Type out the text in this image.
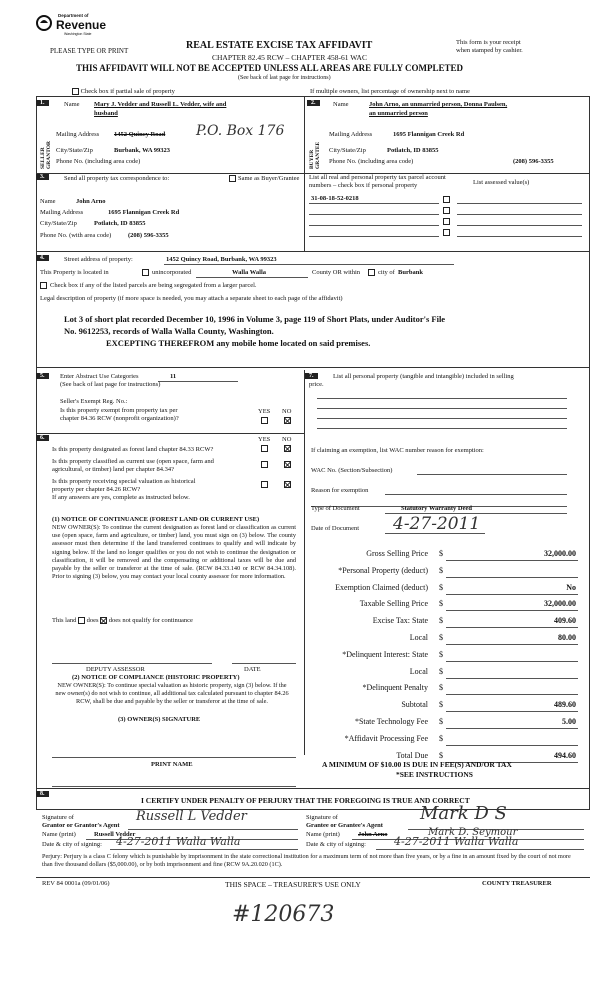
Department of
Revenue
Washington State
PLEASE TYPE OR PRINT	REAL ESTATE EXCISE TAX AFFIDAVIT
CHAPTER 82.45 RCW – CHAPTER 458-61 WAC
THIS AFFIDAVIT WILL NOT BE ACCEPTED UNLESS ALL AREAS ARE FULLY COMPLETED
(See back of last page for instructions)
This form is your receipt
when stamped by cashier.
Check box if partial sale of property	If multiple owners, list percentage of ownership next to name
1.
SELLER GRANTOR
Name Mary J. Vedder and Russell L. Vedder, wife and
husband
Mailing Address 1452 Quincy Road P.O. Box 176
City/State/Zip	Burbank, WA 99323
Phone No. (including area code)
2.
BUYER GRANTEE
Name	John Arno, an unmarried person, Donna Paulsen,
an unmarried person
Mailing Address	1695 Flannigan Creek Rd
City/State/Zip	Potlatch, ID 83855
Phone No. (including area code)	(208) 596-3355
3.	Send all property tax correspondence to:	Same as Buyer/Grantee
Name	John Arno
Mailing Address	1695 Flannigan Creek Rd
City/State/Zip	Potlatch, ID 83855
Phone No. (with area code)	(208) 596-3355
List all real and personal property tax parcel account
numbers – check box if personal property	List assessed value(s)
31-08-18-52-0218
4.	Street address of property:	1452 Quincy Road, Burbank, WA 99323
This Property is located in	unincorporated	Walla Walla	County OR within	city of Burbank
Check box if any of the listed parcels are being segregated from a larger parcel.
Legal description of property (if more space is needed, you may attach a separate sheet to each page of the affidavit)
Lot 3 of short plat recorded December 10, 1996 in Volume 3, page 119 of Short Plats, under Auditor's File
No. 9612253, records of Walla Walla County, Washington.
EXCEPTING THEREFROM any mobile home located on said premises.
5.	Enter Abstract Use Categories	11
(See back of last page for instructions)
Seller's Exempt Reg. No.:
Is this property exempt from property tax per
chapter 84.36 RCW (nonprofit organization)?
YES NO
6.	YES NO
Is this property designated as forest land chapter 84.33 RCW?
Is this property classified as current use (open space, farm and
agricultural, or timber) land per chapter 84.34?
Is this property receiving special valuation as historical
property per chapter 84.26 RCW?
If any answers are yes, complete as instructed below.
(1) NOTICE OF CONTINUANCE (FOREST LAND OR CURRENT USE)
NEW OWNER(S): To continue the current designation as forest land or classification as current use (open space, farm and agriculture, or timber) land, you must sign on (3) below. The county assessor must then determine if the land transferred continues to qualify and will indicate by signing below. If the land no longer qualifies or you do not wish to continue the designation or classification, it will be removed and the compensating or additional taxes will be due and payable by the seller or transferor at the time of sale. (RCW 84.33.140 or RCW 84.34.108). Prior to signing (3) below, you may contact your local county assessor for more information.
This land does does not qualify for continuance
DEPUTY ASSESSOR	DATE
(2) NOTICE OF COMPLIANCE (HISTORIC PROPERTY)
NEW OWNER(S): To continue special valuation as historic property, sign (3) below. If the new owner(s) do not wish to continue, all additional tax calculated pursuant to chapter 84.26 RCW, shall be due and payable by the seller or transferor at the time of sale.
(3) OWNER(S) SIGNATURE
PRINT NAME
7.	List all personal property (tangible and intangible) included in selling
price.
If claiming an exemption, list WAC number reason for exemption:
WAC No. (Section/Subsection)
Reason for exemption
Type of Document	Statutory Warranty Deed
Date of Document 4-27-2011
Gross Selling Price $	32,000.00
*Personal Property (deduct) $
Exemption Claimed (deduct) $	No
Taxable Selling Price $	32,000.00
Excise Tax: State $	409.60
Local $	80.00
*Delinquent Interest: State $
Local $
*Delinquent Penalty $
Subtotal $	489.60
*State Technology Fee $	5.00
*Affidavit Processing Fee $
Total Due $	494.60
A MINIMUM OF $10.00 IS DUE IN FEE(S) AND/OR TAX
*SEE INSTRUCTIONS
8.
I CERTIFY UNDER PENALTY OF PERJURY THAT THE FOREGOING IS TRUE AND CORRECT
Signature of
Grantor or Grantor's Agent
Russell L Vedder
Name (print)	Russell Vedder
Date & city of signing: 4-27-2011 Walla Walla
Signature of
Grantee or Grantee's Agent
Mark D S
Name (print)	John Arno	Mark D. Seymour
Date & city of signing:	4-27-2011 Walla Walla
Perjury: Perjury is a class C felony which is punishable by imprisonment in the state correctional institution for a maximum term of not more than five years, or by a fine in an amount fixed by the court of not more than five thousand dollars ($5,000.00), or by both imprisonment and fine (RCW 9A.20.020 (1C).
REV 84 0001a (09/01/06)	THIS SPACE – TREASURER'S USE ONLY	COUNTY TREASURER
#120673
